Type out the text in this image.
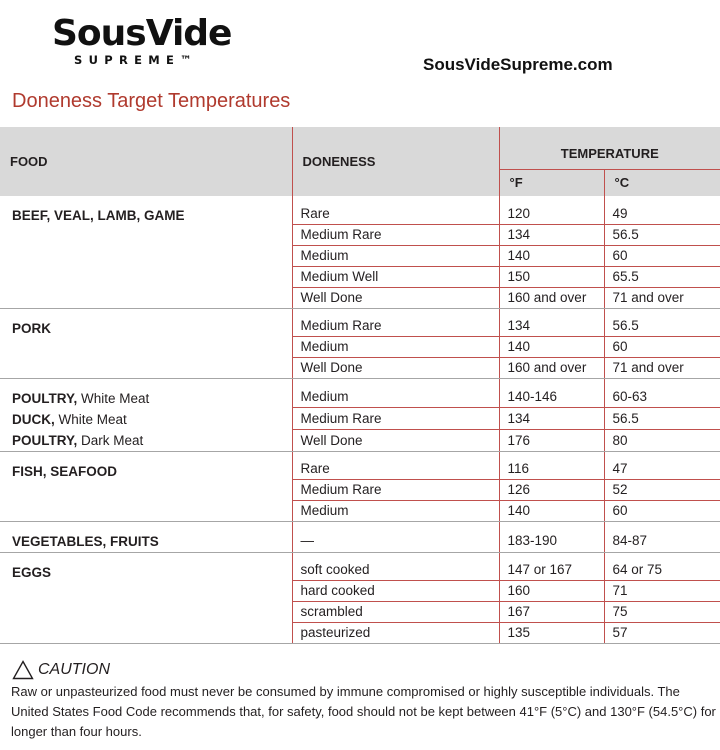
SousVide
SUPREME™	SousVideSupreme.com
Doneness Target Temperatures
FOOD	DONENESS	TEMPERATURE	
		°F	°C

BEEF, VEAL, LAMB, GAME	Rare	120	49
	Medium Rare	134	56.5
	Medium	140	60
	Medium Well	150	65.5
	Well Done	160 and over	71 and over

PORK	Medium Rare	134	56.5
	Medium	140	60
	Well Done	160 and over	71 and over

POULTRY, White Meat
DUCK, White Meat
POULTRY, Dark Meat	Medium	140-146	60-63
	Medium Rare	134	56.5
	Well Done	176	80

FISH, SEAFOOD	Rare	116	47
	Medium Rare	126	52
	Medium	140	60

VEGETABLES, FRUITS	—	183-190	84-87

EGGS	soft cooked	147 or 167	64 or 75
	hard cooked	160	71
	scrambled	167	75
	pasteurized	135	57
CAUTION
Raw or unpasteurized food must never be consumed by immune compromised or highly susceptible individuals. The United States Food Code recommends that, for safety, food should not be kept between 41°F (5°C) and 130°F (54.5°C) for longer than four hours.
